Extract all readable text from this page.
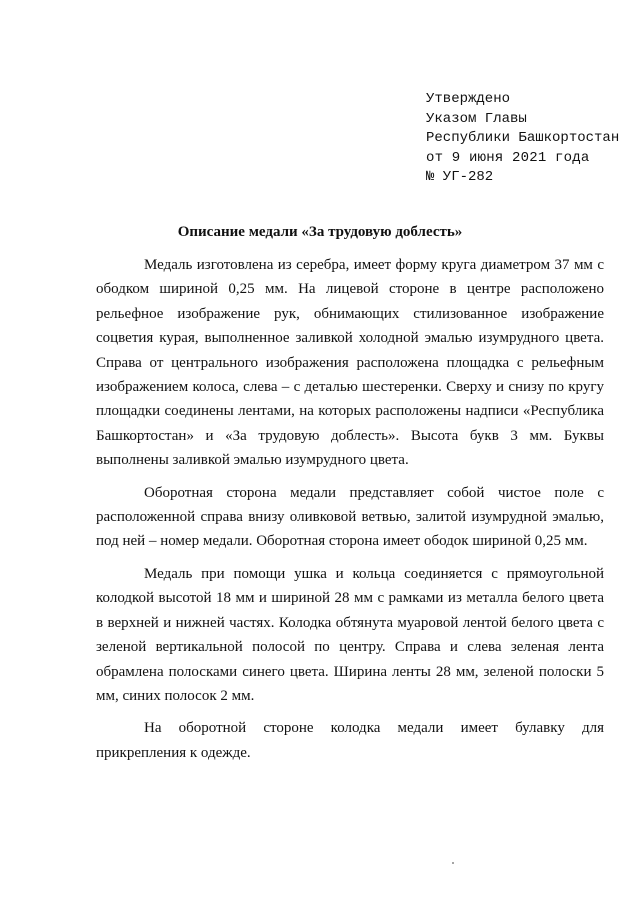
Утверждено
Указом Главы
Республики Башкортостан
от 9 июня 2021 года
№ УГ-282
Описание медали «За трудовую доблесть»

Медаль изготовлена из серебра, имеет форму круга диаметром 37 мм с ободком шириной 0,25 мм. На лицевой стороне в центре расположено рельефное изображение рук, обнимающих стилизованное изображение соцветия курая, выполненное заливкой холодной эмалью изумрудного цвета. Справа от центрального изображения расположена площадка с рельефным изображением колоса, слева – с деталью шестеренки. Сверху и снизу по кругу площадки соединены лентами, на которых расположены надписи «Республика Башкортостан» и «За трудовую доблесть». Высота букв 3 мм. Буквы выполнены заливкой эмалью изумрудного цвета.

Оборотная сторона медали представляет собой чистое поле с расположенной справа внизу оливковой ветвью, залитой изумрудной эмалью, под ней – номер медали. Оборотная сторона имеет ободок шириной 0,25 мм.

Медаль при помощи ушка и кольца соединяется с прямоугольной колодкой высотой 18 мм и шириной 28 мм с рамками из металла белого цвета в верхней и нижней частях. Колодка обтянута муаровой лентой белого цвета с зеленой вертикальной полосой по центру. Справа и слева зеленая лента обрамлена полосками синего цвета. Ширина ленты 28 мм, зеленой полоски 5 мм, синих полосок 2 мм.

На оборотной стороне колодка медали имеет булавку для прикрепления к одежде.
